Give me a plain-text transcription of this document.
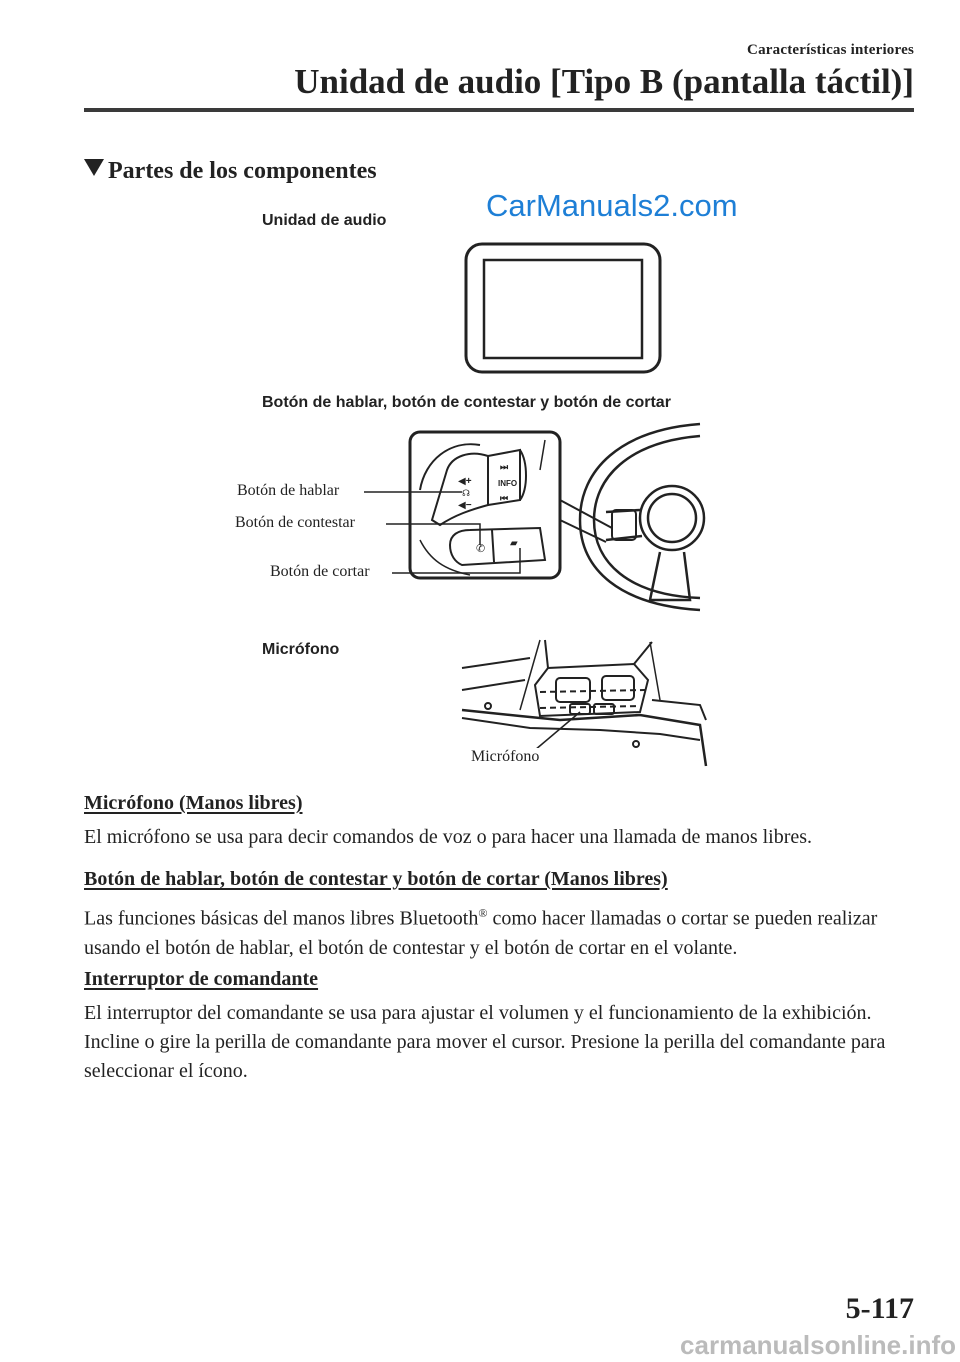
Características interiores
Unidad de audio [Tipo B (pantalla táctil)]
Partes de los componentes
CarManuals2.com
⏭
INFO
⏮
◀+
◀−
☊
✆ ▰
Unidad de audio
Botón de hablar, botón de contestar y botón de cortar
Botón de hablar
Botón de contestar
Botón de cortar
Micrófono
Micrófono
Micrófono (Manos libres)
El micrófono se usa para decir comandos de voz o para hacer una llamada de manos libres.
Botón de hablar, botón de contestar y botón de cortar (Manos libres)
Las funciones básicas del manos libres Bluetooth® como hacer llamadas o cortar se pueden realizar usando el botón de hablar, el botón de contestar y el botón de cortar en el volante.
Interruptor de comandante
El interruptor del comandante se usa para ajustar el volumen y el funcionamiento de la exhibición. Incline o gire la perilla de comandante para mover el cursor. Presione la perilla del comandante para seleccionar el ícono.
5-117
carmanualsonline.info
